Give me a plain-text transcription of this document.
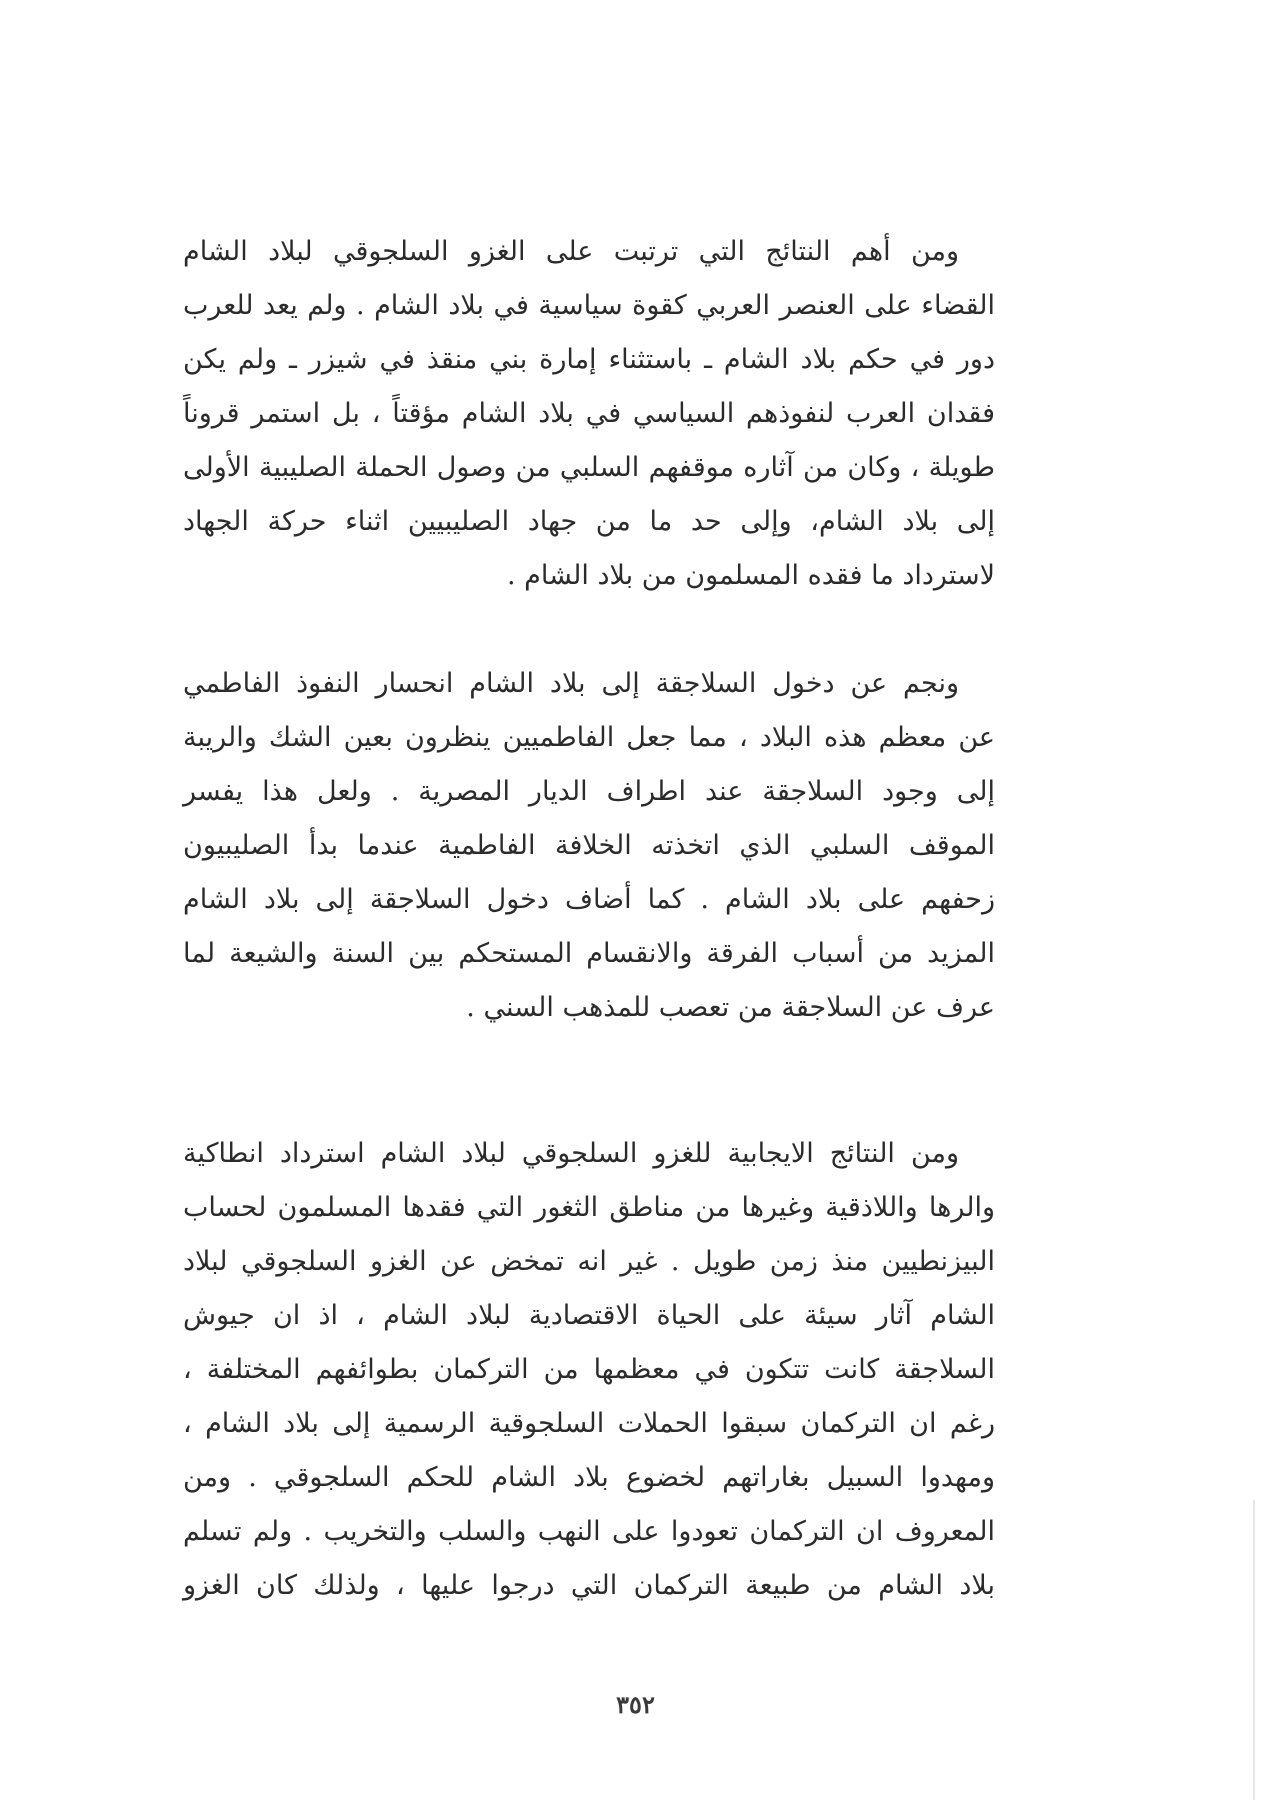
ومن أهم النتائج التي ترتبت على الغزو السلجوقي لبلاد الشام
القضاء على العنصر العربي كقوة سياسية في بلاد الشام . ولم يعد للعرب
دور في حكم بلاد الشام ـ باستثناء إمارة بني منقذ في شيزر ـ ولم يكن
فقدان العرب لنفوذهم السياسي في بلاد الشام مؤقتاً ، بل استمر قروناً
طويلة ، وكان من آثاره موقفهم السلبي من وصول الحملة الصليبية الأولى
إلى بلاد الشام، وإلى حد ما من جهاد الصليبيين اثناء حركة الجهاد
لاسترداد ما فقده المسلمون من بلاد الشام .
ونجم عن دخول السلاجقة إلى بلاد الشام انحسار النفوذ الفاطمي
عن معظم هذه البلاد ، مما جعل الفاطميين ينظرون بعين الشك والريبة
إلى وجود السلاجقة عند اطراف الديار المصرية . ولعل هذا يفسر
الموقف السلبي الذي اتخذته الخلافة الفاطمية عندما بدأ الصليبيون
زحفهم على بلاد الشام . كما أضاف دخول السلاجقة إلى بلاد الشام
المزيد من أسباب الفرقة والانقسام المستحكم بين السنة والشيعة لما
عرف عن السلاجقة من تعصب للمذهب السني .
ومن النتائج الايجابية للغزو السلجوقي لبلاد الشام استرداد انطاكية
والرها واللاذقية وغيرها من مناطق الثغور التي فقدها المسلمون لحساب
البيزنطيين منذ زمن طويل . غير انه تمخض عن الغزو السلجوقي لبلاد
الشام آثار سيئة على الحياة الاقتصادية لبلاد الشام ، اذ ان جيوش
السلاجقة كانت تتكون في معظمها من التركمان بطوائفهم المختلفة ،
رغم ان التركمان سبقوا الحملات السلجوقية الرسمية إلى بلاد الشام ،
ومهدوا السبيل بغاراتهم لخضوع بلاد الشام للحكم السلجوقي . ومن
المعروف ان التركمان تعودوا على النهب والسلب والتخريب . ولم تسلم
بلاد الشام من طبيعة التركمان التي درجوا عليها ، ولذلك كان الغزو
٣٥٢
